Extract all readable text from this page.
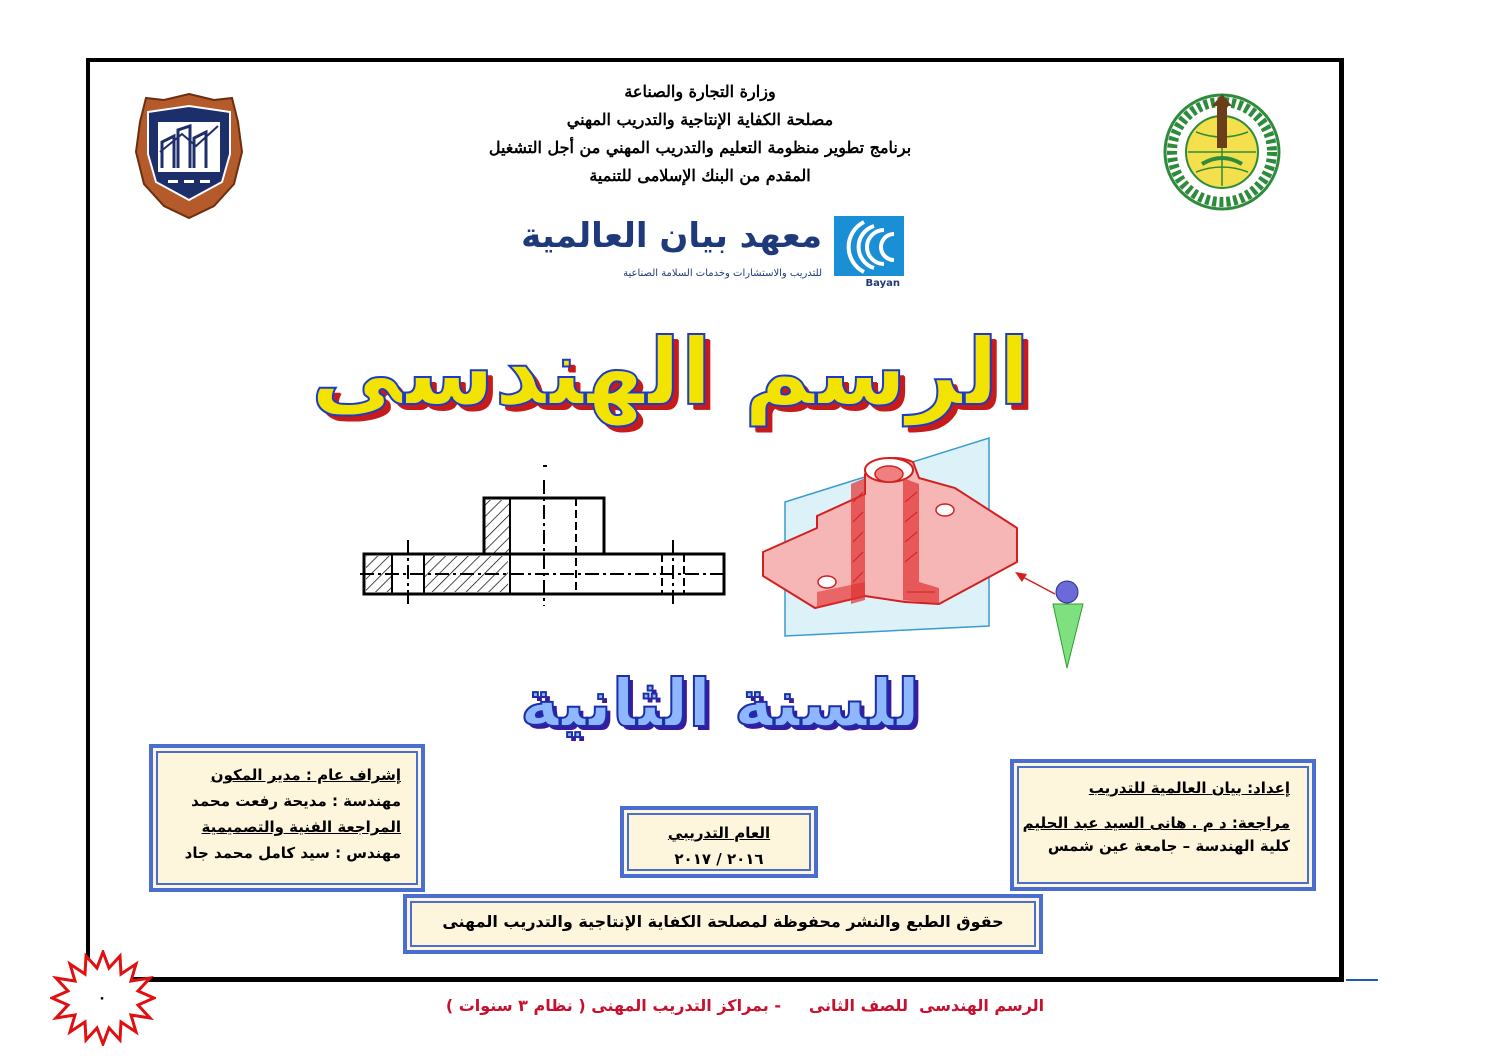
وزارة التجارة والصناعة
مصلحة الكفاية الإنتاجية والتدريب المهني
برنامج تطوير منظومة التعليم والتدريب المهني من أجل التشغيل
المقدم من البنك الإسلامى للتنمية
معهد بيان العالمية
للتدريب والاستشارات وخدمات السلامة الصناعية
Bayan
الرسم الهندسى
للسنة الثانية
إشراف عام : مدير المكون
مهندسة : مديحة رفعت محمد
المراجعة الفنية والتصميمية
مهندس : سيد كامل محمد جاد
العام التدريبي
٢٠١٦ / ٢٠١٧
إعداد: بيان العالمية للتدريب
مراجعة: د م . هانى السيد عبد الحليم
كلية الهندسة – جامعة عين شمس
حقوق الطبع والنشر محفوظة لمصلحة الكفاية الإنتاجية والتدريب المهنى
الرسم الهندسى  للصف الثانى     - بمراكز التدريب المهنى ( نظام ٣ سنوات )
٠
